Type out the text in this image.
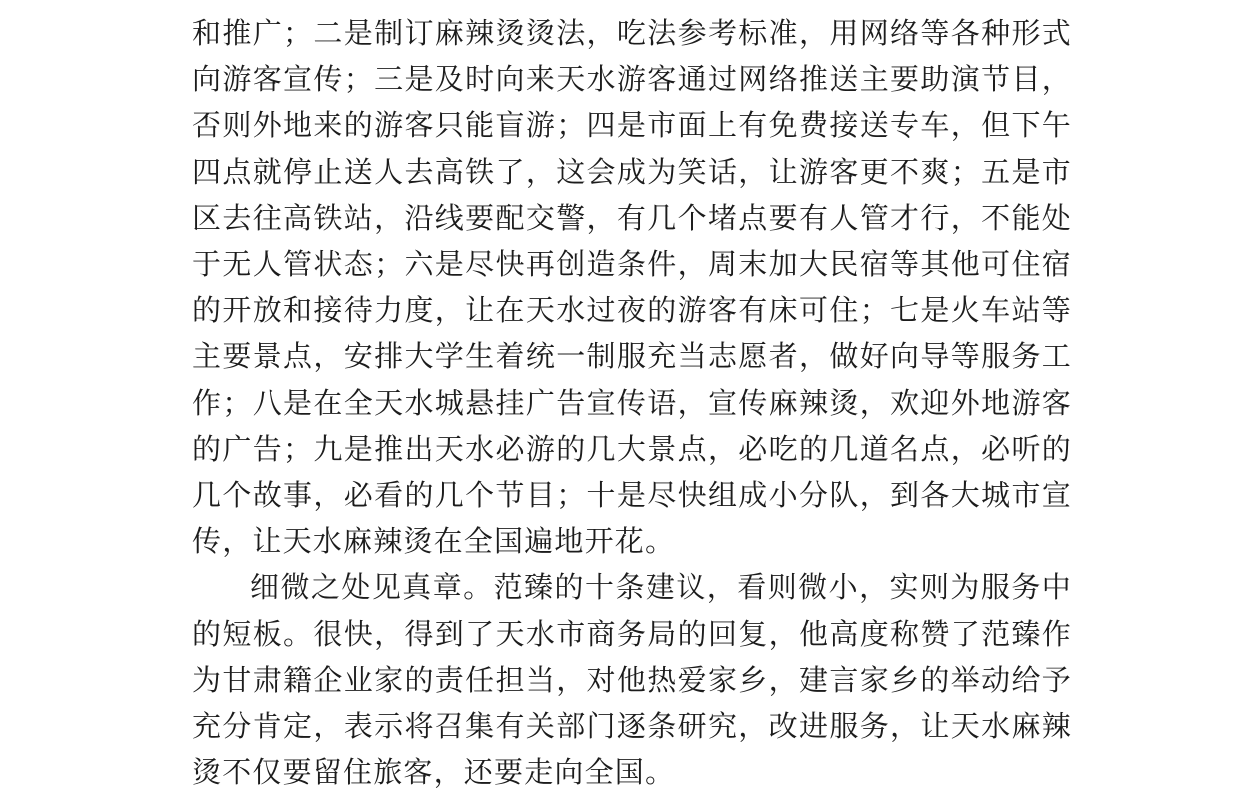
和推广；二是制订麻辣烫烫法，吃法参考标准，用网络等各种形式向游客宣传；三是及时向来天水游客通过网络推送主要助演节目，否则外地来的游客只能盲游；四是市面上有免费接送专车，但下午四点就停止送人去高铁了，这会成为笑话，让游客更不爽；五是市区去往高铁站，沿线要配交警，有几个堵点要有人管才行，不能处于无人管状态；六是尽快再创造条件，周末加大民宿等其他可住宿的开放和接待力度，让在天水过夜的游客有床可住；七是火车站等主要景点，安排大学生着统一制服充当志愿者，做好向导等服务工作；八是在全天水城悬挂广告宣传语，宣传麻辣烫，欢迎外地游客的广告；九是推出天水必游的几大景点，必吃的几道名点，必听的几个故事，必看的几个节目；十是尽快组成小分队，到各大城市宣传，让天水麻辣烫在全国遍地开花。

细微之处见真章。范臻的十条建议，看则微小，实则为服务中的短板。很快，得到了天水市商务局的回复，他高度称赞了范臻作为甘肃籍企业家的责任担当，对他热爱家乡，建言家乡的举动给予充分肯定，表示将召集有关部门逐条研究，改进服务，让天水麻辣烫不仅要留住旅客，还要走向全国。
